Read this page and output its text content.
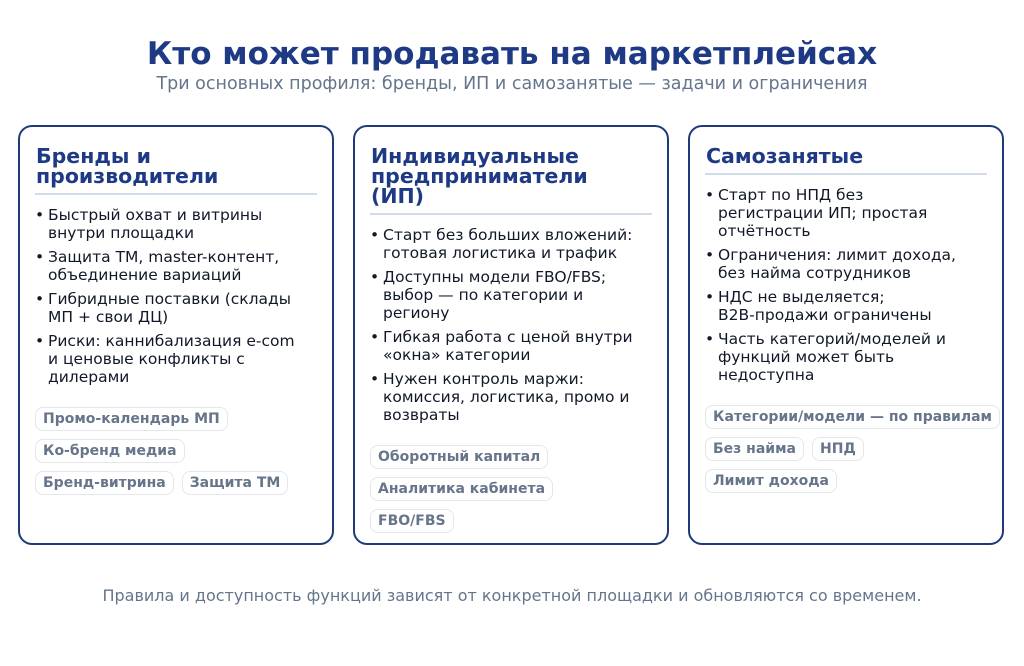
Кто может продавать на маркетплейсах
Три основных профиля: бренды, ИП и самозанятые — задачи и ограничения
Бренды и
производители
• Быстрый охват и витрины
внутри площадки
• Защита ТМ, master-контент,
объединение вариаций
• Гибридные поставки (склады
МП + свои ДЦ)
• Риски: каннибализация e-com
и ценовые конфликты с
дилерами
Промо-календарь МП
Ко-бренд медиа
Бренд-витрина	Защита ТМ
Индивидуальные
предприниматели
(ИП)
• Старт без больших вложений:
готовая логистика и трафик
• Доступны модели FBO/FBS;
выбор — по категории и
региону
• Гибкая работа с ценой внутри
«окна» категории
• Нужен контроль маржи:
комиссия, логистика, промо и
возвраты
Оборотный капитал
Аналитика кабинета
FBO/FBS
Самозанятые
• Старт по НПД без
регистрации ИП; простая
отчётность
• Ограничения: лимит дохода,
без найма сотрудников
• НДС не выделяется;
B2B-продажи ограничены
• Часть категорий/моделей и
функций может быть
недоступна
Категории/модели — по правилам
Без найма	НПД
Лимит дохода
Правила и доступность функций зависят от конкретной площадки и обновляются со временем.
